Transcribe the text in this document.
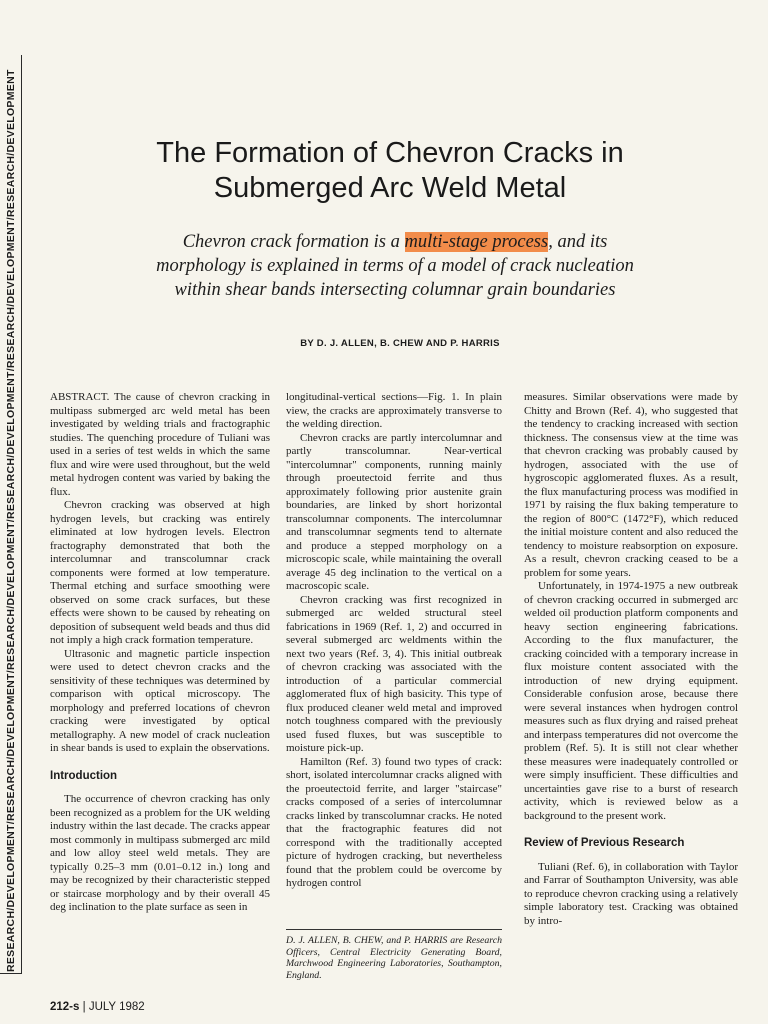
RESEARCH/DEVELOPMENT/RESEARCH/DEVELOPMENT/RESEARCH/DEVELOPMENT/RESEARCH/DEVELOPMENT/RESEARCH/DEVELOPMENT/RESEARCH/DEVELOPMENT	The Formation of Chevron Cracks in Submerged Arc Weld Metal

Chevron crack formation is a multi-stage process, and its morphology is explained in terms of a model of crack nucleation within shear bands intersecting columnar grain boundaries

BY D. J. ALLEN, B. CHEW AND P. HARRIS

ABSTRACT. The cause of chevron cracking in multipass submerged arc weld metal has been investigated by welding trials and fractographic studies. The quenching procedure of Tuliani was used in a series of test welds in which the same flux and wire were used throughout, but the weld metal hydrogen content was varied by baking the flux.

Chevron cracking was observed at high hydrogen levels, but cracking was entirely eliminated at low hydrogen levels. Electron fractography demonstrated that both the intercolumnar and transcolumnar crack components were formed at low temperature. Thermal etching and surface smoothing were observed on some crack surfaces, but these effects were shown to be caused by reheating on deposition of subsequent weld beads and thus did not imply a high crack formation temperature.

Ultrasonic and magnetic particle inspection were used to detect chevron cracks and the sensitivity of these techniques was determined by comparison with optical microscopy. The morphology and preferred locations of chevron cracking were investigated by optical metallography. A new model of crack nucleation in shear bands is used to explain the observations.

Introduction

The occurrence of chevron cracking has only been recognized as a problem for the UK welding industry within the last decade. The cracks appear most commonly in multipass submerged arc mild and low alloy steel weld metals. They are typically 0.25–3 mm (0.01–0.12 in.) long and may be recognized by their characteristic stepped or staircase morphology and by their overall 45 deg inclination to the plate surface as seen in

longitudinal-vertical sections—Fig. 1. In plain view, the cracks are approximately transverse to the welding direction.

Chevron cracks are partly intercolumnar and partly transcolumnar. Near-vertical "intercolumnar" components, running mainly through proeutectoid ferrite and thus approximately following prior austenite grain boundaries, are linked by short horizontal transcolumnar components. The intercolumnar and transcolumnar segments tend to alternate and produce a stepped morphology on a microscopic scale, while maintaining the overall average 45 deg inclination to the vertical on a macroscopic scale.

Chevron cracking was first recognized in submerged arc welded structural steel fabrications in 1969 (Ref. 1, 2) and occurred in several submerged arc weldments within the next two years (Ref. 3, 4). This initial outbreak of chevron cracking was associated with the introduction of a particular commercial agglomerated flux of high basicity. This type of flux produced cleaner weld metal and improved notch toughness compared with the previously used fused fluxes, but was susceptible to moisture pick-up.

Hamilton (Ref. 3) found two types of crack: short, isolated intercolumnar cracks aligned with the proeutectoid ferrite, and larger "staircase" cracks composed of a series of intercolumnar cracks linked by transcolumnar cracks. He noted that the fractographic features did not correspond with the traditionally accepted picture of hydrogen cracking, but nevertheless found that the problem could be overcome by hydrogen control

measures. Similar observations were made by Chitty and Brown (Ref. 4), who suggested that the tendency to cracking increased with section thickness. The consensus view at the time was that chevron cracking was probably caused by hydrogen, associated with the use of hygroscopic agglomerated fluxes. As a result, the flux manufacturing process was modified in 1971 by raising the flux baking temperature to the region of 800°C (1472°F), which reduced the initial moisture content and also reduced the tendency to moisture reabsorption on exposure. As a result, chevron cracking ceased to be a problem for some years.

Unfortunately, in 1974-1975 a new outbreak of chevron cracking occurred in submerged arc welded oil production platform components and heavy section engineering fabrications. According to the flux manufacturer, the cracking coincided with a temporary increase in flux moisture content associated with the introduction of new drying equipment. Considerable confusion arose, because there were several instances when hydrogen control measures such as flux drying and raised preheat and interpass temperatures did not overcome the problem (Ref. 5). It is still not clear whether these measures were inadequately controlled or were simply insufficient. These difficulties and uncertainties gave rise to a burst of research activity, which is reviewed below as a background to the present work.

Review of Previous Research

Tuliani (Ref. 6), in collaboration with Taylor and Farrar of Southampton University, was able to reproduce chevron cracking using a relatively simple laboratory test. Cracking was obtained by intro-

D. J. ALLEN, B. CHEW, and P. HARRIS are Research Officers, Central Electricity Generating Board, Marchwood Engineering Laboratories, Southampton, England.
212-s | JULY 1982
